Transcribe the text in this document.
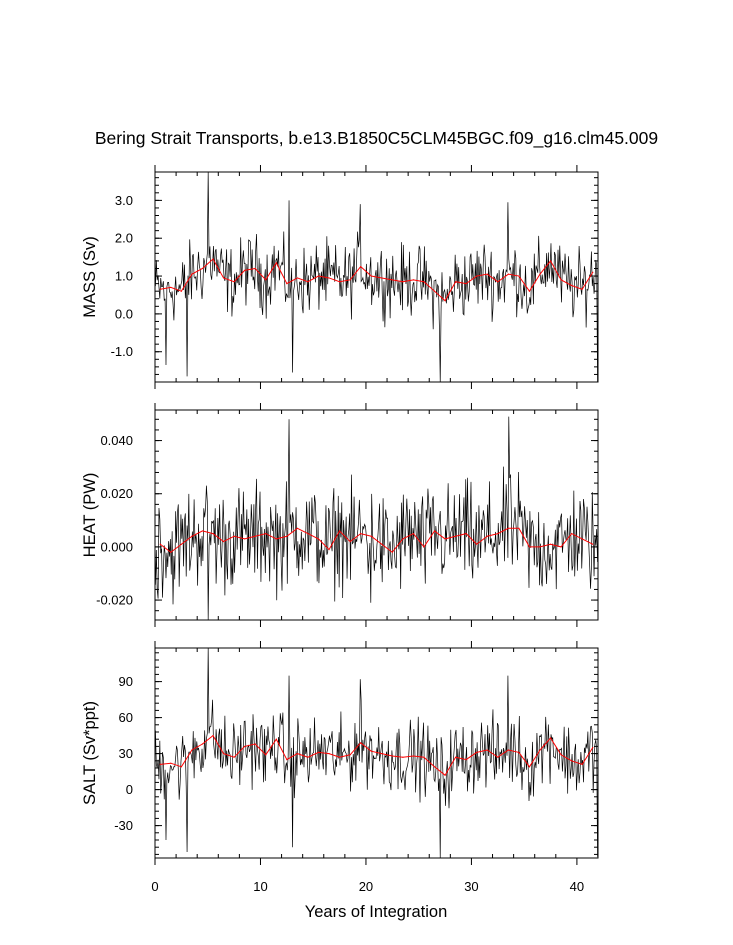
Bering Strait Transports, b.e13.B1850C5CLM45BGC.f09_g16.clm45.009
3.0
2.0
1.0
0.0
-1.0
MASS (Sv)
0.040
0.020
0.000
-0.020
HEAT (PW)
90
60
30
0
-30
0	10	20	30	40
SALT (Sv*ppt)
Years of Integration
